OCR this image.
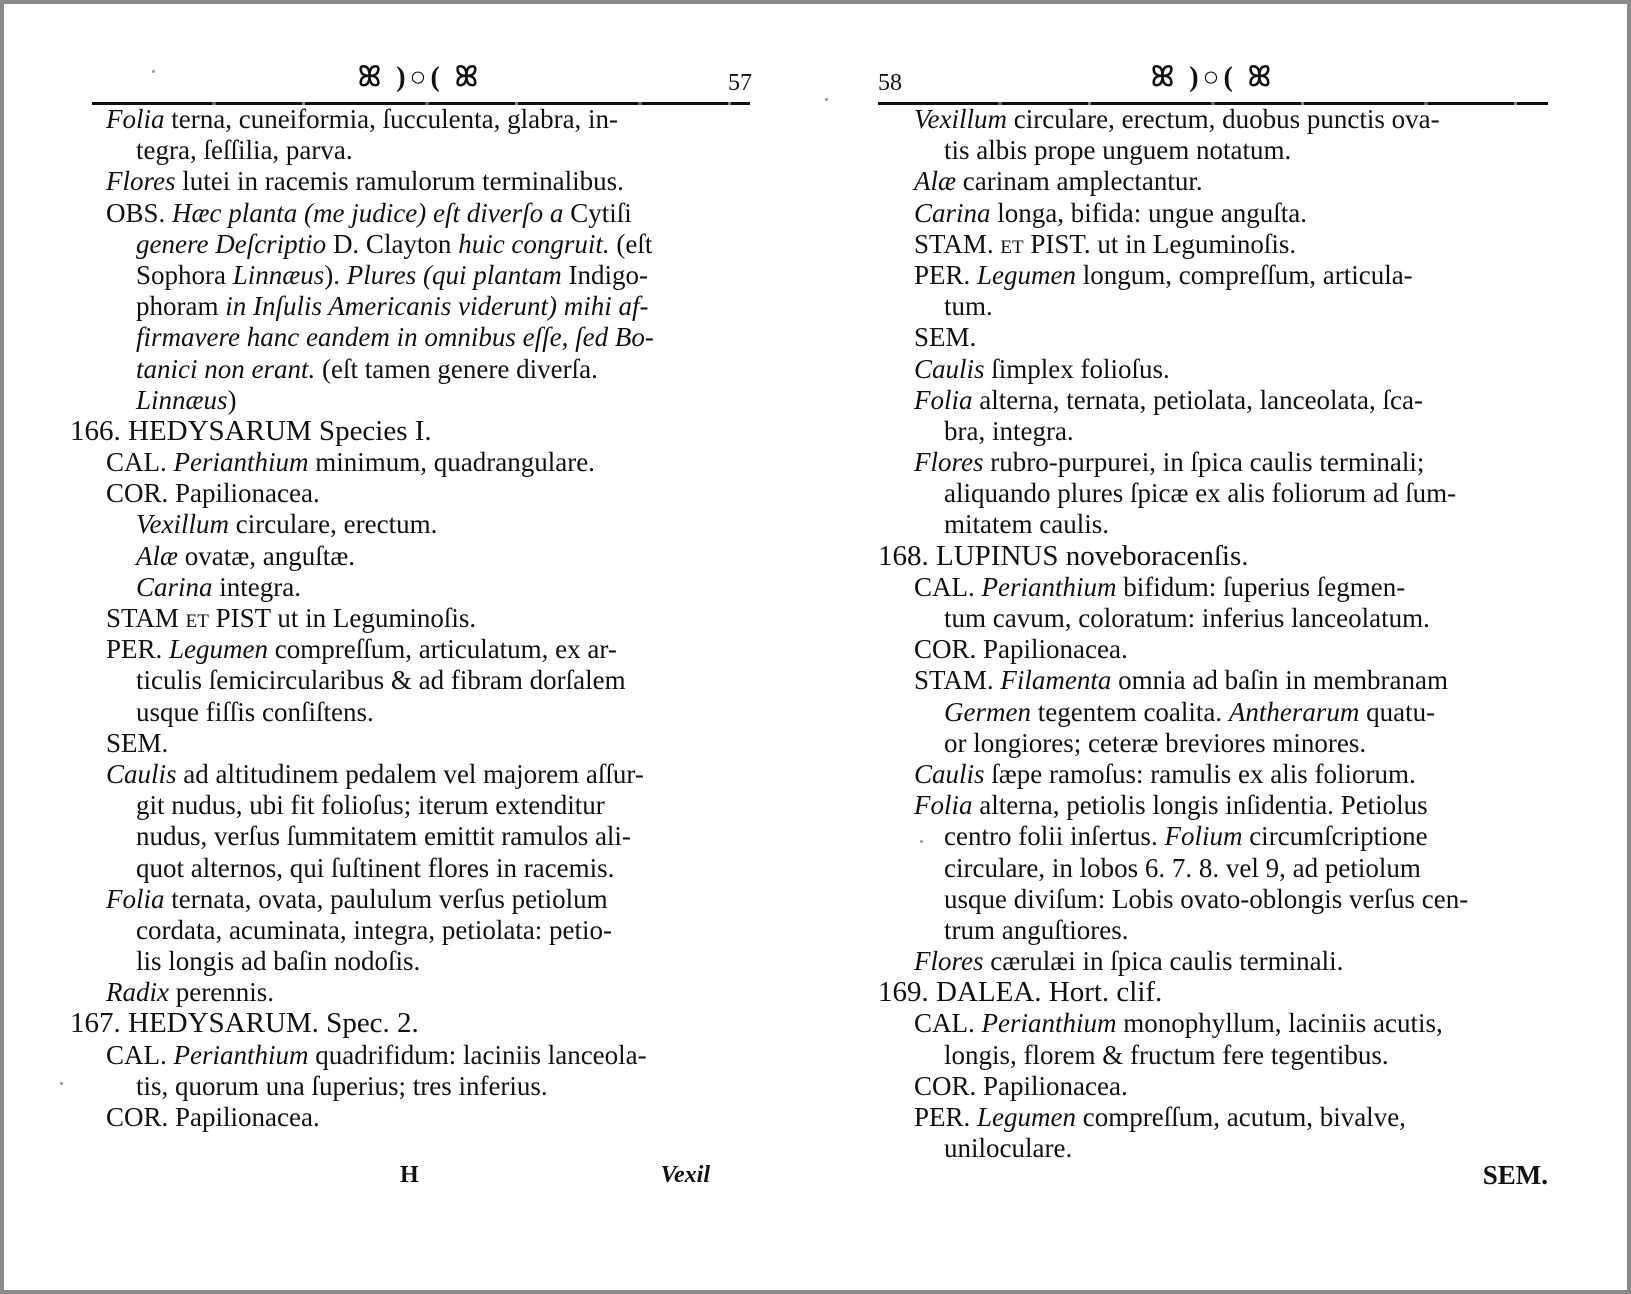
ꕤ )○( ꕤ	57
Folia terna, cuneiformia, ſucculenta, glabra, in-
tegra, ſeſſilia, parva.
Flores lutei in racemis ramulorum terminalibus.
OBS. Hæc planta (me judice) eſt diverſo a Cytiſi
genere Deſcriptio D. Clayton huic congruit. (eſt
Sophora Linnæus). Plures (qui plantam Indigo-
phoram in Inſulis Americanis viderunt) mihi af-
firmavere hanc eandem in omnibus eſſe, ſed Bo-
tanici non erant. (eſt tamen genere diverſa.
Linnæus)
166. HEDYSARUM Species I.
CAL. Perianthium minimum, quadrangulare.
COR. Papilionacea.
Vexillum circulare, erectum.
Alæ ovatæ, anguſtæ.
Carina integra.
STAM et PIST ut in Leguminoſis.
PER. Legumen compreſſum, articulatum, ex ar-
ticulis ſemicircularibus & ad fibram dorſalem
usque fiſſis conſiſtens.
SEM.
Caulis ad altitudinem pedalem vel majorem aſſur-
git nudus, ubi fit folioſus; iterum extenditur
nudus, verſus ſummitatem emittit ramulos ali-
quot alternos, qui ſuſtinent flores in racemis.
Folia ternata, ovata, paululum verſus petiolum
cordata, acuminata, integra, petiolata: petio-
lis longis ad baſin nodoſis.
Radix perennis.
167. HEDYSARUM. Spec. 2.
CAL. Perianthium quadrifidum: laciniis lanceola-
tis, quorum una ſuperius; tres inferius.
COR. Papilionacea.
H	Vexil
ꕤ )○( ꕤ
58
Vexillum circulare, erectum, duobus punctis ova-
tis albis prope unguem notatum.
Alæ carinam amplectantur.
Carina longa, bifida: ungue anguſta.
STAM. et PIST. ut in Leguminoſis.
PER. Legumen longum, compreſſum, articula-
tum.
SEM.
Caulis ſimplex folioſus.
Folia alterna, ternata, petiolata, lanceolata, ſca-
bra, integra.
Flores rubro-purpurei, in ſpica caulis terminali;
aliquando plures ſpicæ ex alis foliorum ad ſum-
mitatem caulis.
168. LUPINUS noveboracenſis.
CAL. Perianthium bifidum: ſuperius ſegmen-
tum cavum, coloratum: inferius lanceolatum.
COR. Papilionacea.
STAM. Filamenta omnia ad baſin in membranam
Germen tegentem coalita. Antherarum quatu-
or longiores; ceteræ breviores minores.
Caulis ſæpe ramoſus: ramulis ex alis foliorum.
Folia alterna, petiolis longis inſidentia. Petiolus
centro folii inſertus. Folium circumſcriptione
circulare, in lobos 6. 7. 8. vel 9, ad petiolum
usque diviſum: Lobis ovato-oblongis verſus cen-
trum anguſtiores.
Flores cærulæi in ſpica caulis terminali.
169. DALEA. Hort. clif.
CAL. Perianthium monophyllum, laciniis acutis,
longis, florem & fructum fere tegentibus.
COR. Papilionacea.
PER. Legumen compreſſum, acutum, bivalve,
uniloculare.
SEM.
